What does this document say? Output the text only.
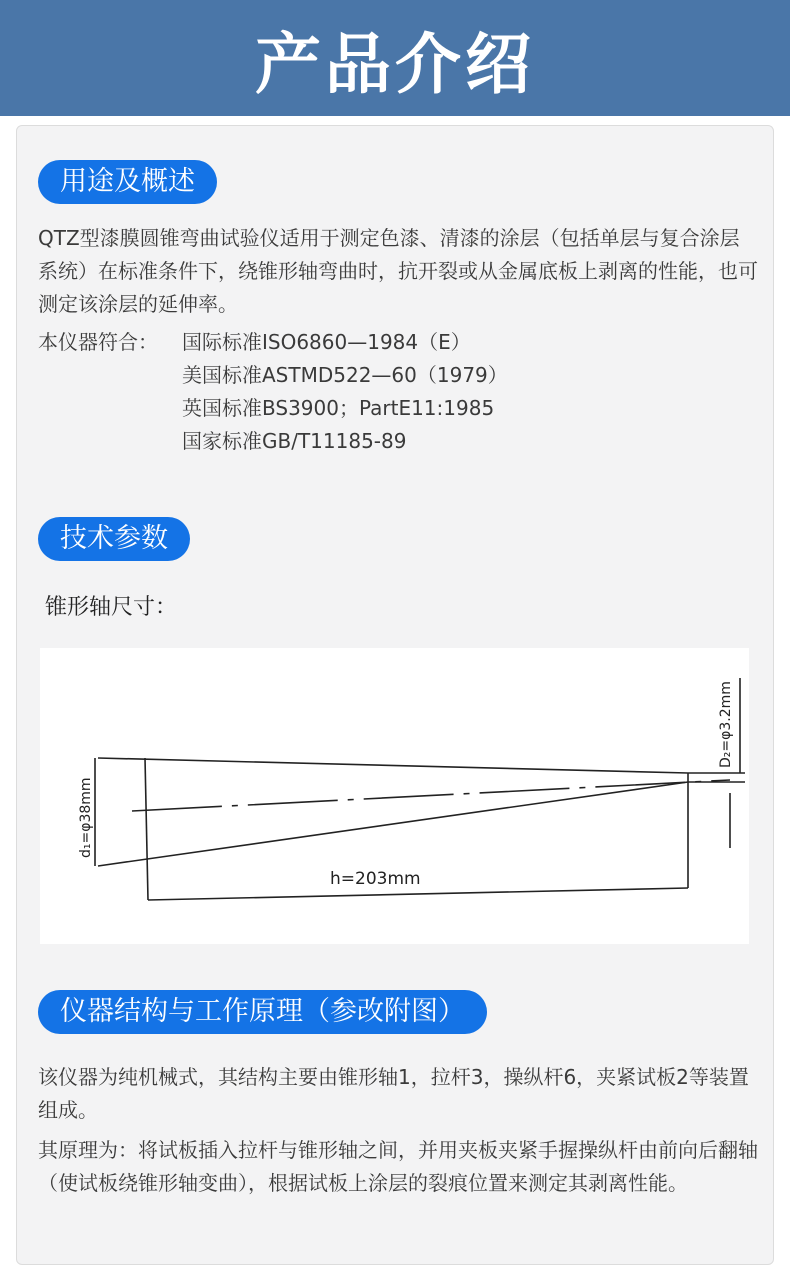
产品介绍
用途及概述

QTZ型漆膜圆锥弯曲试验仪适用于测定色漆、清漆的涂层（包括单层与复合涂层系统）在标准条件下，绕锥形轴弯曲时，抗开裂或从金属底板上剥离的性能，也可测定该涂层的延伸率。

本仪器符合： 国际标准ISO6860—1984（E）
美国标准ASTMD522—60（1979）
英国标准BS3900；PartE11:1985
国家标准GB/T11185-89
技术参数
锥形轴尺寸：
d₁=φ38mm
D₂=φ3.2mm
h=203mm
仪器结构与工作原理（参改附图）

该仪器为纯机械式，其结构主要由锥形轴1，拉杆3，操纵杆6，夹紧试板2等装置组成。

其原理为：将试板插入拉杆与锥形轴之间，并用夹板夹紧手握操纵杆由前向后翻轴（使试板绕锥形轴变曲），根据试板上涂层的裂痕位置来测定其剥离性能。
